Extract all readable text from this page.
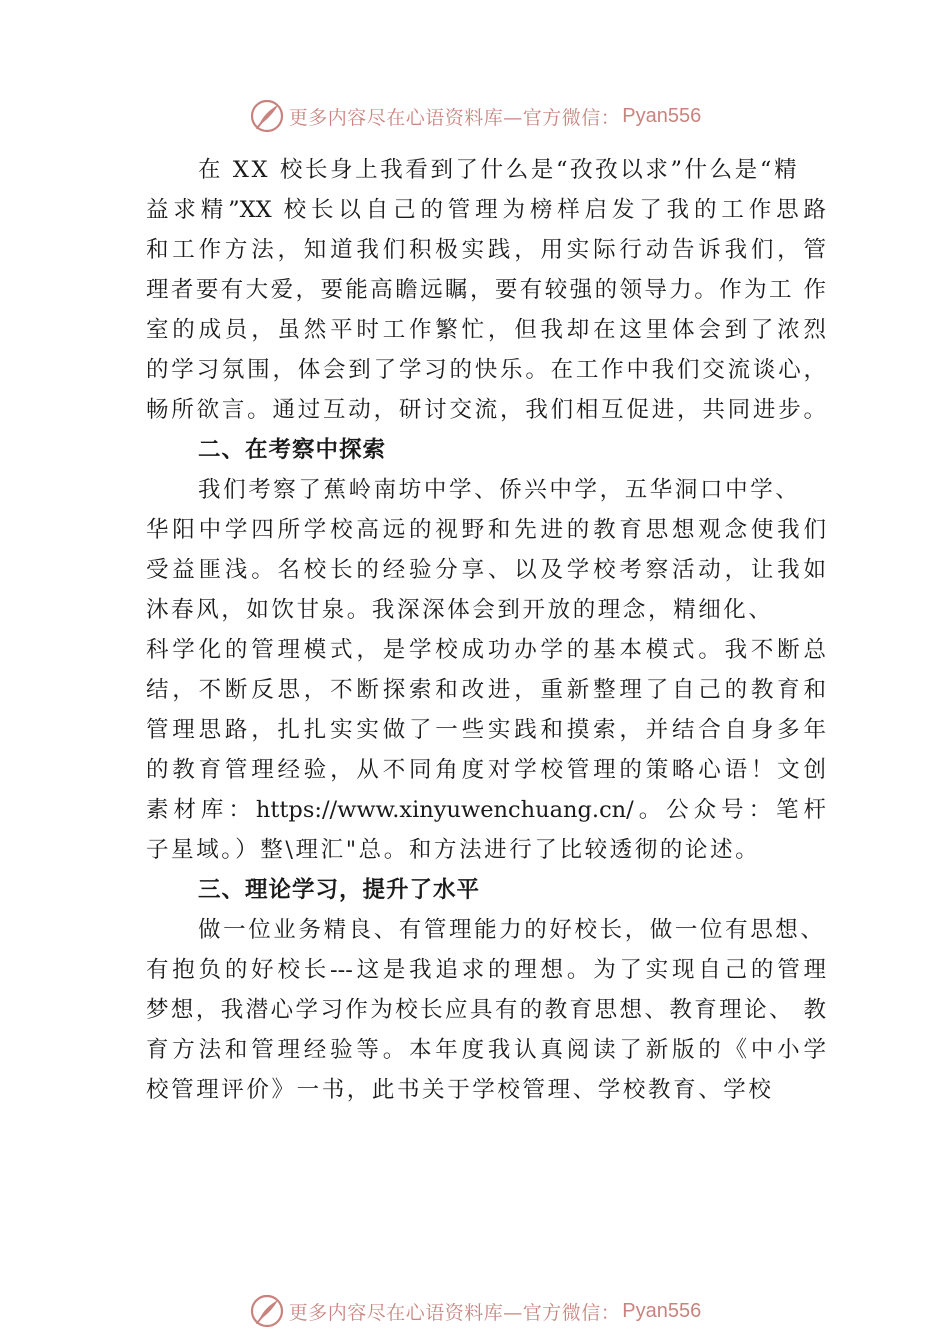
更多内容尽在心语资料库—官方微信： Pyan556
在 XX 校长身上我看到了什么是“孜孜以求”什么是“精
益求精”XX 校长以自己的管理为榜样启发了我的工作思路
和工作方法，知道我们积极实践，用实际行动告诉我们，管
理者要有大爱，要能高瞻远瞩，要有较强的领导力。作为工 作
室的成员，虽然平时工作繁忙，但我却在这里体会到了浓烈
的学习氛围，体会到了学习的快乐。在工作中我们交流谈心，
畅所欲言。通过互动，研讨交流，我们相互促进，共同进步。
二、在考察中探索
我们考察了蕉岭南坊中学、侨兴中学，五华洞口中学、
华阳中学四所学校高远的视野和先进的教育思想观念使我们
受益匪浅。名校长的经验分享、以及学校考察活动，让我如
沐春风，如饮甘泉。我深深体会到开放的理念，精细化、
科学化的管理模式，是学校成功办学的基本模式。我不断总
结，不断反思，不断探索和改进，重新整理了自己的教育和
管理思路，扎扎实实做了一些实践和摸索，并结合自身多年
的教育管理经验，从不同角度对学校管理的策略心语！文创
素材库：https://www.xinyuwenchuang.cn/。公众号：笔杆
子星域。）整\理汇"总。和方法进行了比较透彻的论述。
三、理论学习，提升了水平
做一位业务精良、有管理能力的好校长，做一位有思想、
有抱负的好校长---这是我追求的理想。为了实现自己的管理
梦想，我潜心学习作为校长应具有的教育思想、教育理论、 教
育方法和管理经验等。本年度我认真阅读了新版的《中小学
校管理评价》一书，此书关于学校管理、学校教育、学校
更多内容尽在心语资料库—官方微信： Pyan556
